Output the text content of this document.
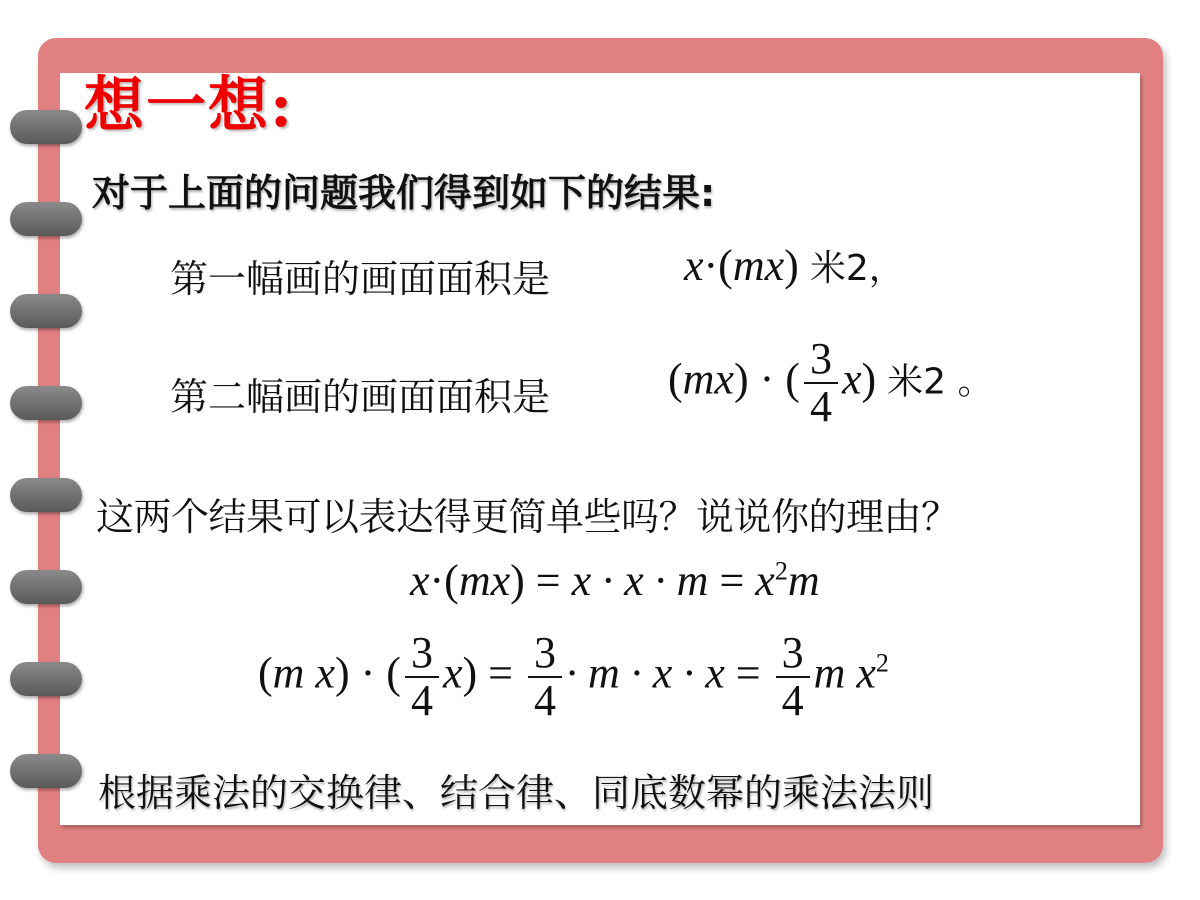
想一想:
对于上面的问题我们得到如下的结果:
第一幅画的画面面积是	x·(mx) 米2，
第二幅画的画面面积是	(mx) · ( $\frac{3}{4} x$) 米2 。
这两个结果可以表达得更简单些吗？说说你的理由？
$x\cdot(mx) = x \cdot x \cdot m = x^2m$
(m x) · ( $\frac{3}{4} x) = \frac{3}{4} \cdot m \cdot x \cdot x = \frac{3}{4}$ m $x^2$
根据乘法的交换律、结合律、同底数幂的乘法法则
